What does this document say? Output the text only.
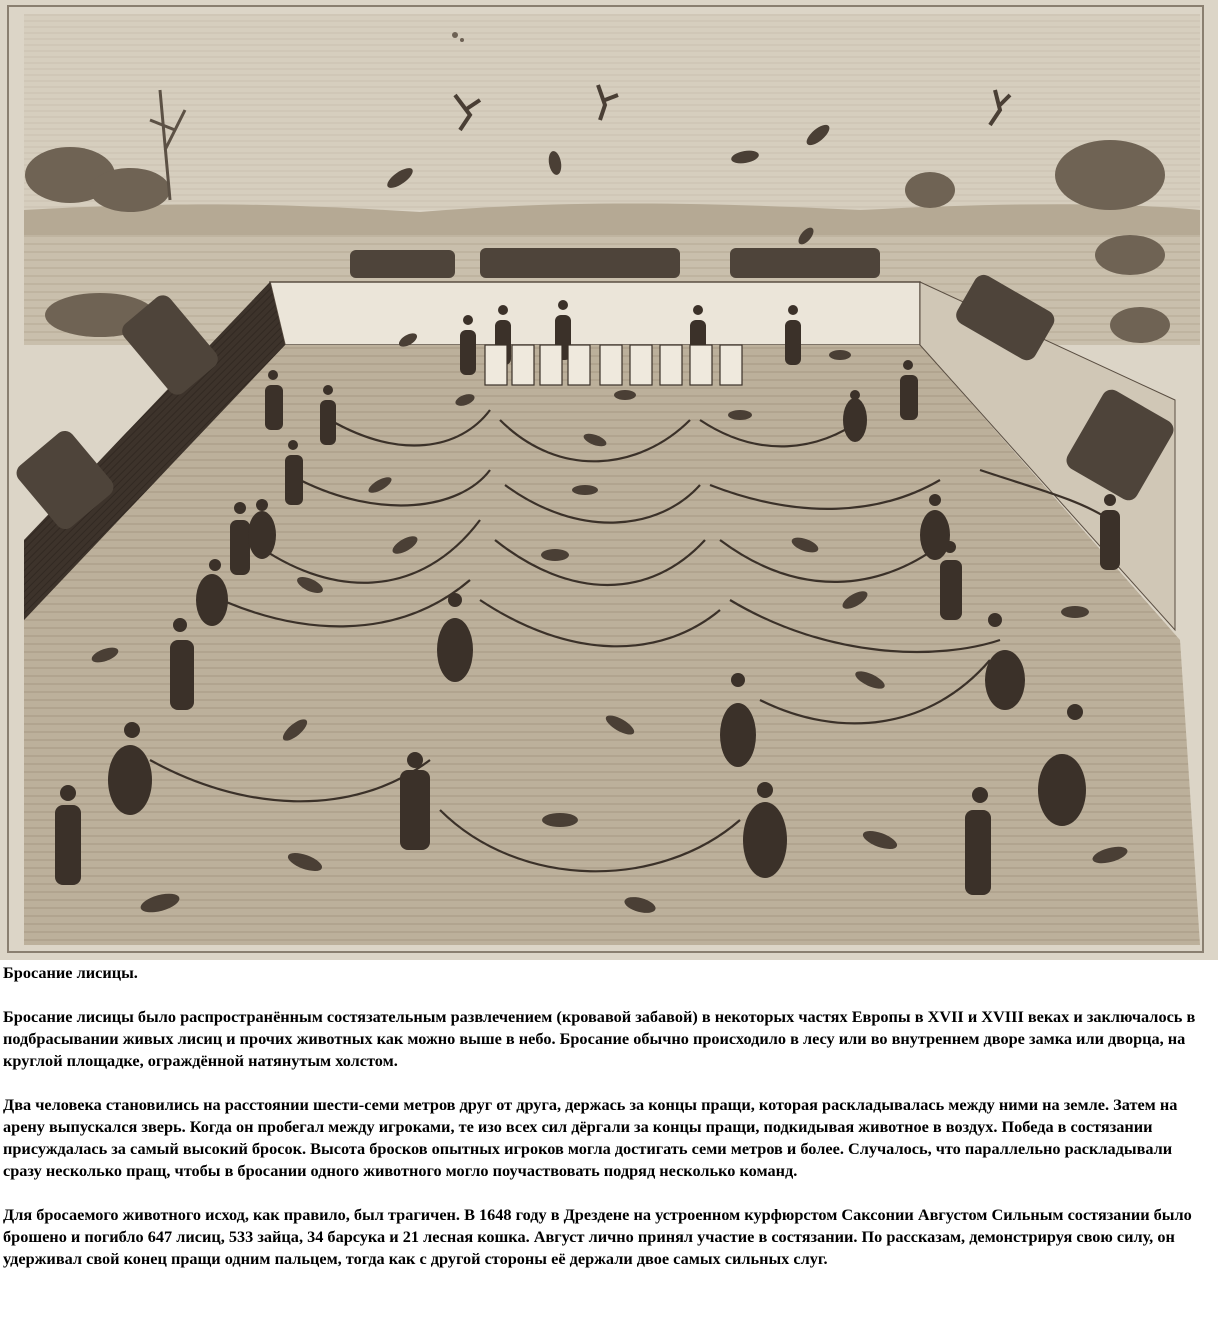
Бросание лисицы.

Бросание лисицы было распространённым состязательным развлечением (кровавой забавой) в некоторых частях Европы в XVII и XVIII веках и заключалось в подбрасывании живых лисиц и прочих животных как можно выше в небо. Бросание обычно происходило в лесу или во внутреннем дворе замка или дворца, на круглой площадке, ограждённой натянутым холстом.

Два человека становились на расстоянии шести-семи метров друг от друга, держась за концы пращи, которая раскладывалась между ними на земле. Затем на арену выпускался зверь. Когда он пробегал между игроками, те изо всех сил дёргали за концы пращи, подкидывая животное в воздух. Победа в состязании присуждалась за самый высокий бросок. Высота бросков опытных игроков могла достигать семи метров и более. Случалось, что параллельно раскладывали сразу несколько пращ, чтобы в бросании одного животного могло поучаствовать подряд несколько команд.

Для бросаемого животного исход, как правило, был трагичен. В 1648 году в Дрездене на устроенном курфюрстом Саксонии Августом Сильным состязании было брошено и погибло 647 лисиц, 533 зайца, 34 барсука и 21 лесная кошка. Август лично принял участие в состязании. По рассказам, демонстрируя свою силу, он удерживал свой конец пращи одним пальцем, тогда как с другой стороны её держали двое самых сильных слуг.
